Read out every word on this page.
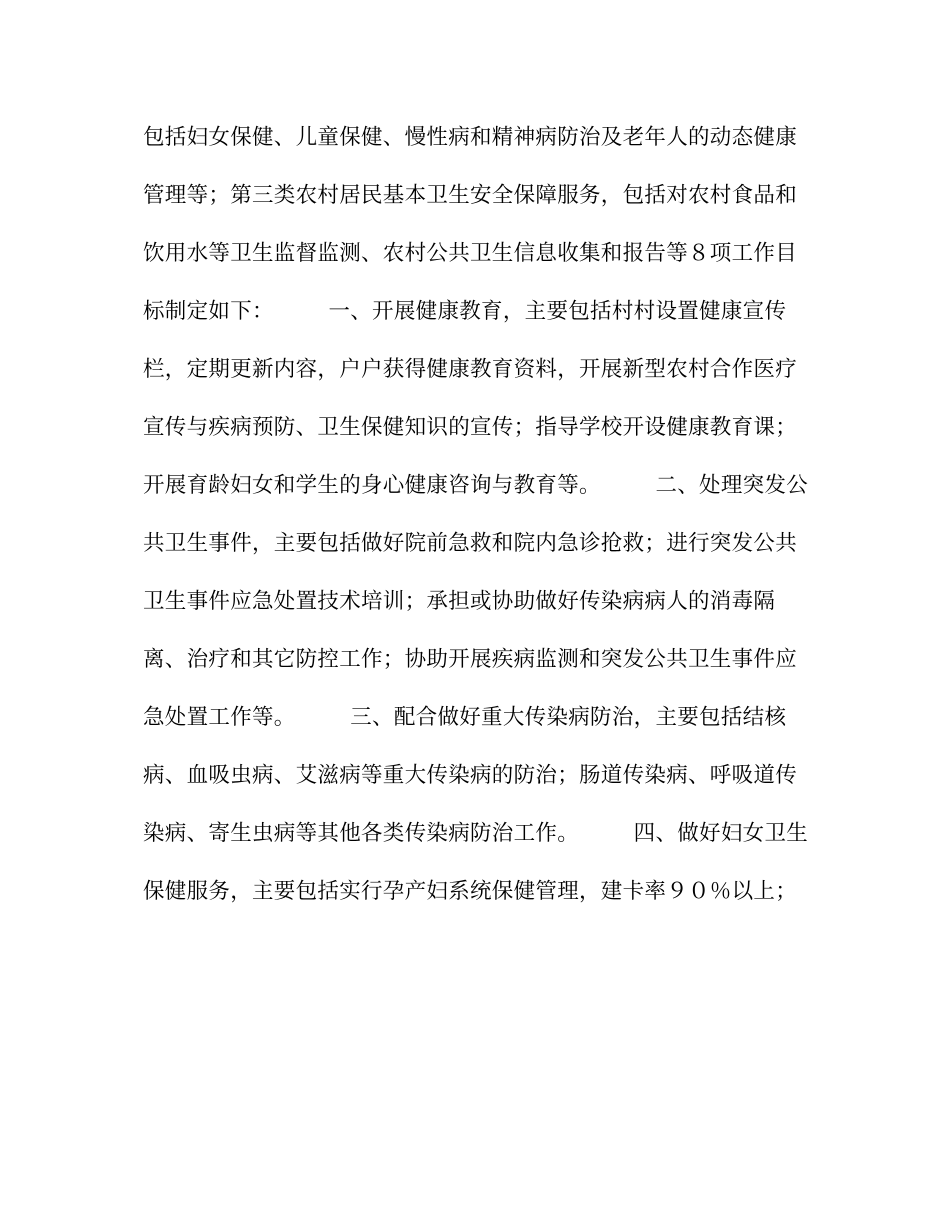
包括妇女保健、儿童保健、慢性病和精神病防治及老年人的动态健康
管理等；第三类农村居民基本卫生安全保障服务，包括对农村食品和
饮用水等卫生监督监测、农村公共卫生信息收集和报告等８项工作目
标制定如下：　　　一、开展健康教育，主要包括村村设置健康宣传
栏，定期更新内容，户户获得健康教育资料，开展新型农村合作医疗
宣传与疾病预防、卫生保健知识的宣传；指导学校开设健康教育课；
开展育龄妇女和学生的身心健康咨询与教育等。　　　二、处理突发公
共卫生事件，主要包括做好院前急救和院内急诊抢救；进行突发公共
卫生事件应急处置技术培训；承担或协助做好传染病病人的消毒隔
离、治疗和其它防控工作；协助开展疾病监测和突发公共卫生事件应
急处置工作等。　　　三、配合做好重大传染病防治，主要包括结核
病、血吸虫病、艾滋病等重大传染病的防治；肠道传染病、呼吸道传
染病、寄生虫病等其他各类传染病防治工作。　　　四、做好妇女卫生
保健服务，主要包括实行孕产妇系统保健管理，建卡率９０％以上；
